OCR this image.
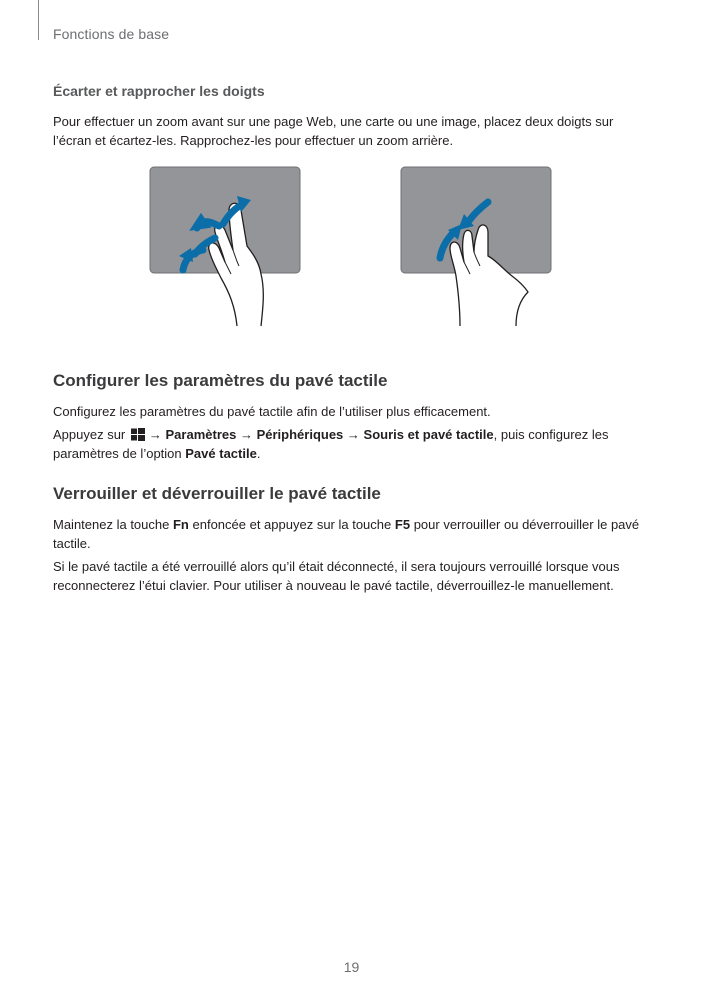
Fonctions de base
Écarter et rapprocher les doigts

Pour effectuer un zoom avant sur une page Web, une carte ou une image, placez deux doigts sur l’écran et écartez-les. Rapprochez-les pour effectuer un zoom arrière.

Configurer les paramètres du pavé tactile

Configurez les paramètres du pavé tactile afin de l’utiliser plus efficacement.

Appuyez sur → Paramètres → Périphériques → Souris et pavé tactile, puis configurez les paramètres de l’option Pavé tactile.

Verrouiller et déverrouiller le pavé tactile

Maintenez la touche Fn enfoncée et appuyez sur la touche F5 pour verrouiller ou déverrouiller le pavé tactile.

Si le pavé tactile a été verrouillé alors qu’il était déconnecté, il sera toujours verrouillé lorsque vous reconnecterez l’étui clavier. Pour utiliser à nouveau le pavé tactile, déverrouillez-le manuellement.

19
